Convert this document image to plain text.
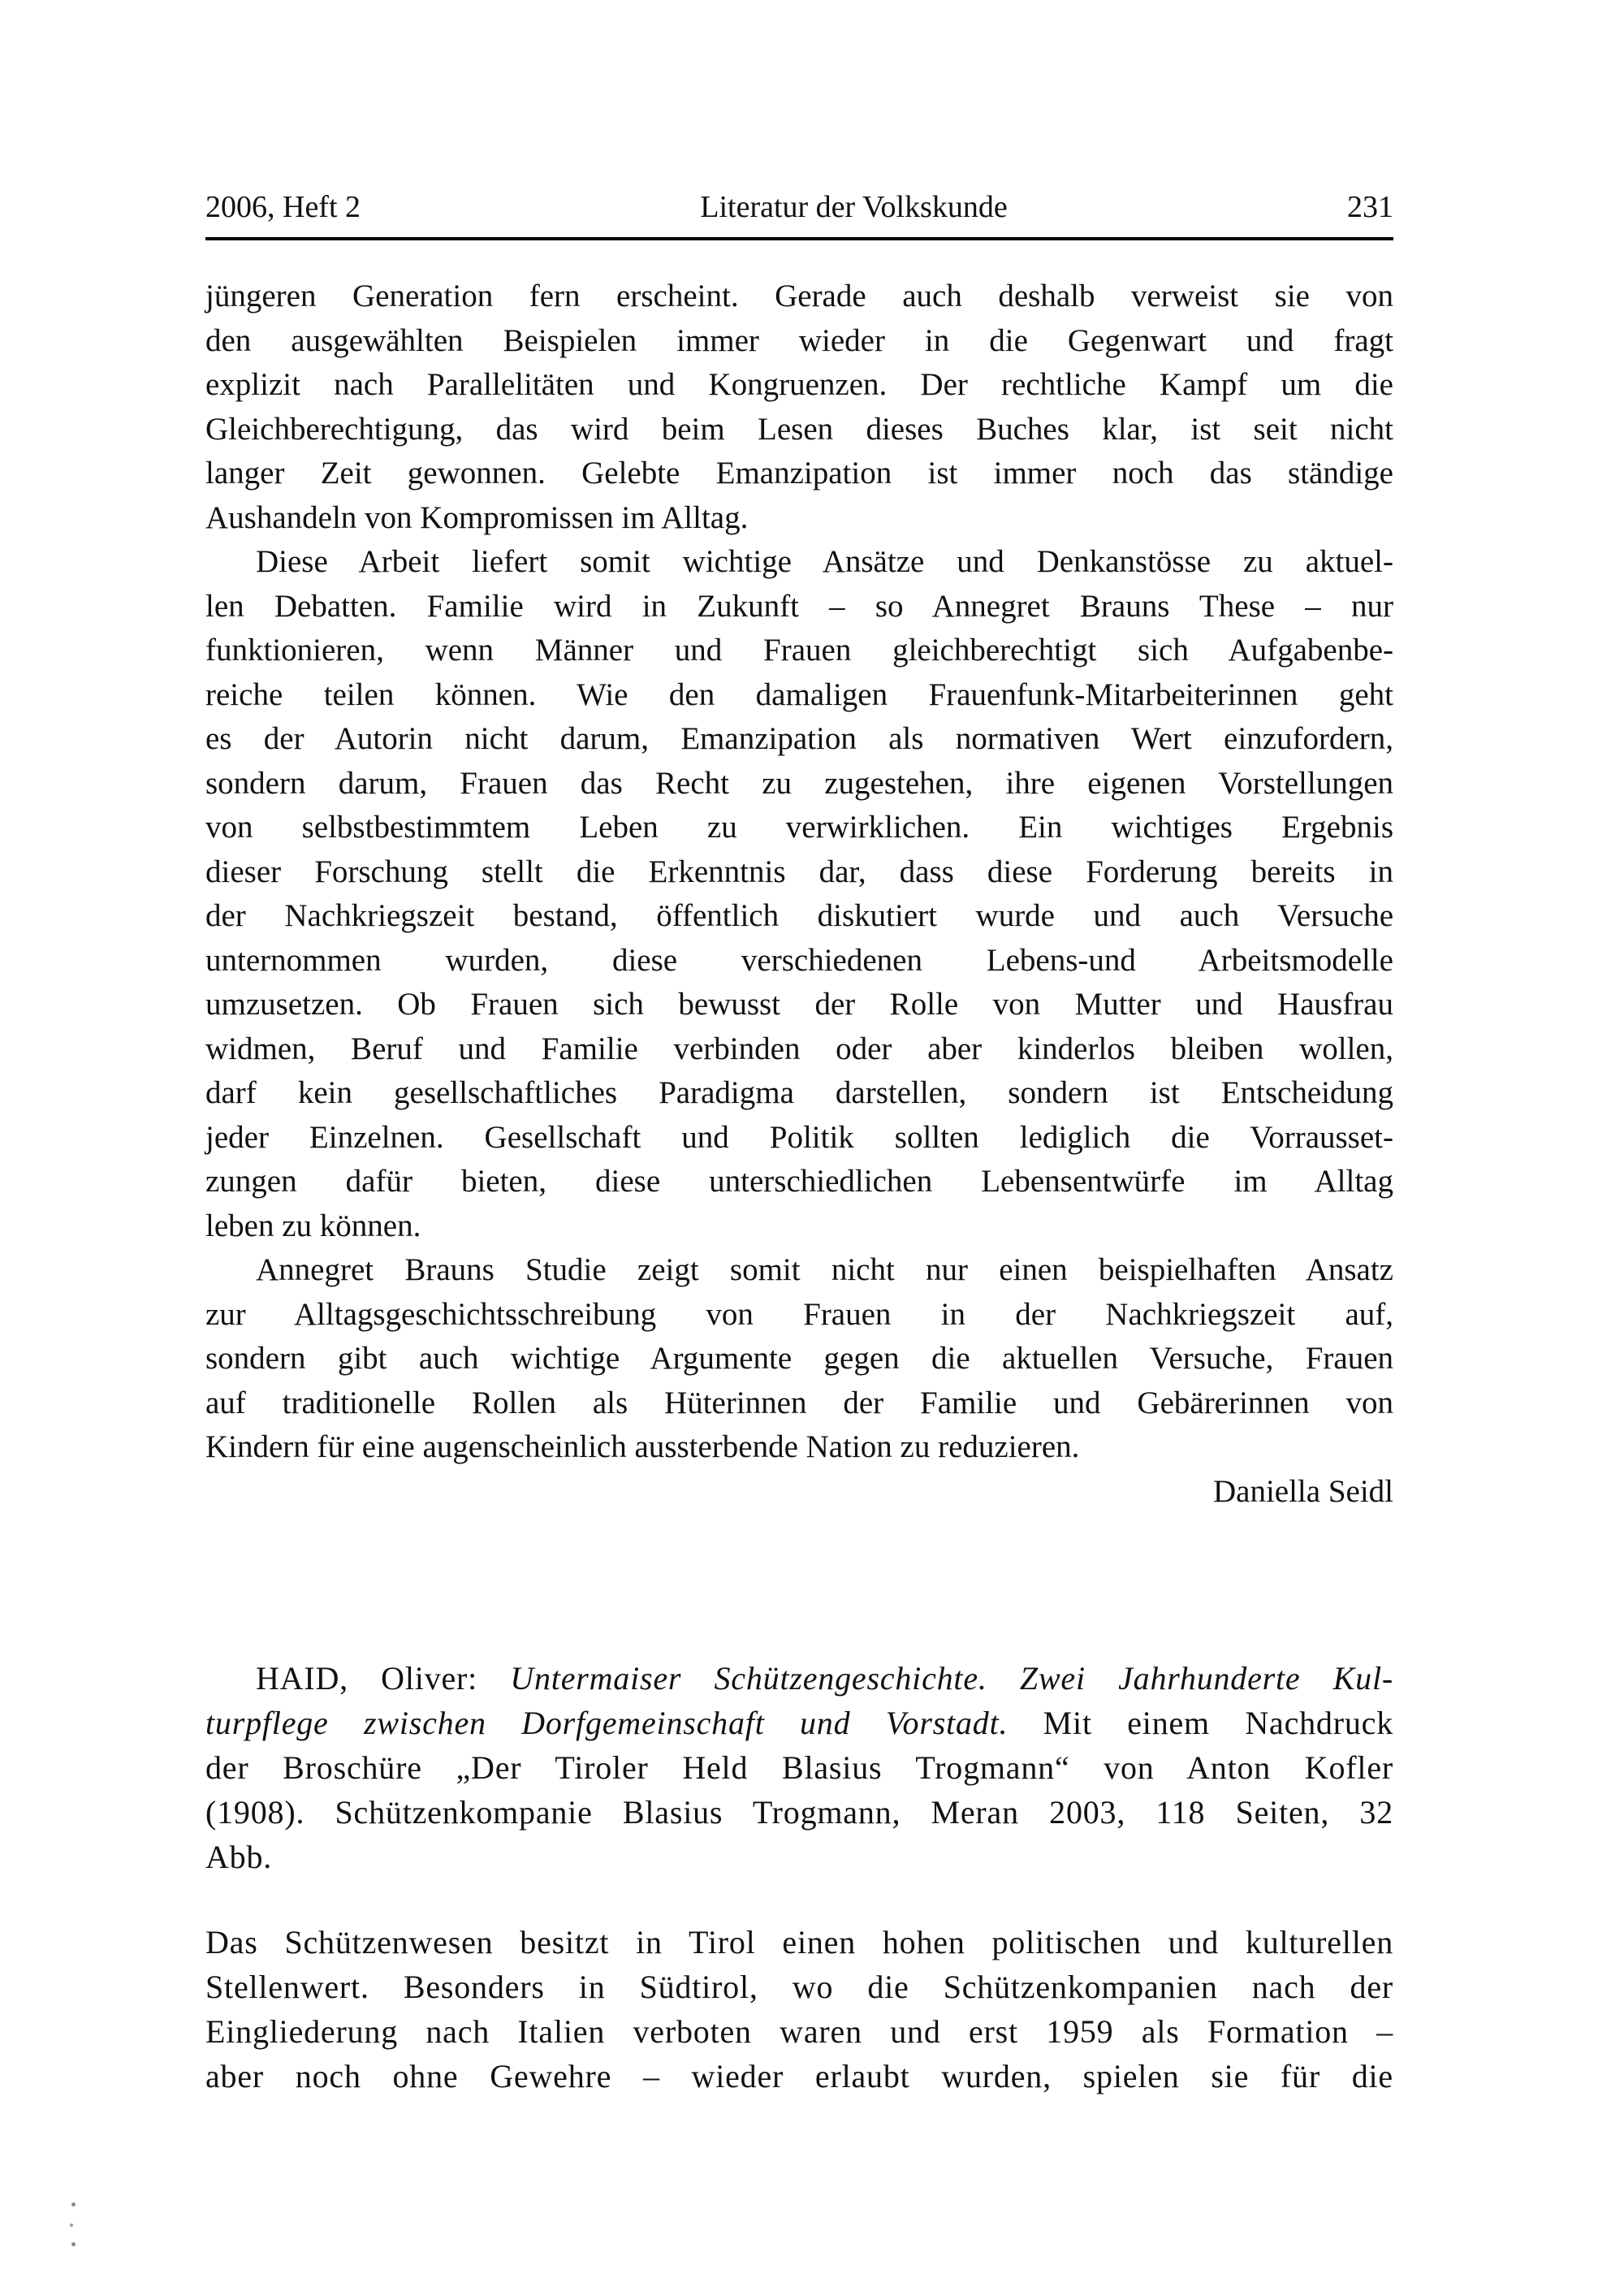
2006, Heft 2	Literatur der Volkskunde	231
jüngeren Generation fern erscheint. Gerade auch deshalb verweist sie von
den ausgewählten Beispielen immer wieder in die Gegenwart und fragt
explizit nach Parallelitäten und Kongruenzen. Der rechtliche Kampf um die
Gleichberechtigung, das wird beim Lesen dieses Buches klar, ist seit nicht
langer Zeit gewonnen. Gelebte Emanzipation ist immer noch das ständige
Aushandeln von Kompromissen im Alltag.
Diese Arbeit liefert somit wichtige Ansätze und Denkanstösse zu aktuel-
len Debatten. Familie wird in Zukunft – so Annegret Brauns These – nur
funktionieren, wenn Männer und Frauen gleichberechtigt sich Aufgabenbe-
reiche teilen können. Wie den damaligen Frauenfunk-Mitarbeiterinnen geht
es der Autorin nicht darum, Emanzipation als normativen Wert einzufordern,
sondern darum, Frauen das Recht zu zugestehen, ihre eigenen Vorstellungen
von selbstbestimmtem Leben zu verwirklichen. Ein wichtiges Ergebnis
dieser Forschung stellt die Erkenntnis dar, dass diese Forderung bereits in
der Nachkriegszeit bestand, öffentlich diskutiert wurde und auch Versuche
unternommen wurden, diese verschiedenen Lebens-und Arbeitsmodelle
umzusetzen. Ob Frauen sich bewusst der Rolle von Mutter und Hausfrau
widmen, Beruf und Familie verbinden oder aber kinderlos bleiben wollen,
darf kein gesellschaftliches Paradigma darstellen, sondern ist Entscheidung
jeder Einzelnen. Gesellschaft und Politik sollten lediglich die Vorrausset-
zungen dafür bieten, diese unterschiedlichen Lebensentwürfe im Alltag
leben zu können.
Annegret Brauns Studie zeigt somit nicht nur einen beispielhaften Ansatz
zur Alltagsgeschichtsschreibung von Frauen in der Nachkriegszeit auf,
sondern gibt auch wichtige Argumente gegen die aktuellen Versuche, Frauen
auf traditionelle Rollen als Hüterinnen der Familie und Gebärerinnen von
Kindern für eine augenscheinlich aussterbende Nation zu reduzieren.
Daniella Seidl
HAID, Oliver: Untermaiser Schützengeschichte. Zwei Jahrhunderte Kul-
turpflege zwischen Dorfgemeinschaft und Vorstadt. Mit einem Nachdruck
der Broschüre „Der Tiroler Held Blasius Trogmann“ von Anton Kofler
(1908). Schützenkompanie Blasius Trogmann, Meran 2003, 118 Seiten, 32
Abb.
Das Schützenwesen besitzt in Tirol einen hohen politischen und kulturellen
Stellenwert. Besonders in Südtirol, wo die Schützenkompanien nach der
Eingliederung nach Italien verboten waren und erst 1959 als Formation –
aber noch ohne Gewehre – wieder erlaubt wurden, spielen sie für die
